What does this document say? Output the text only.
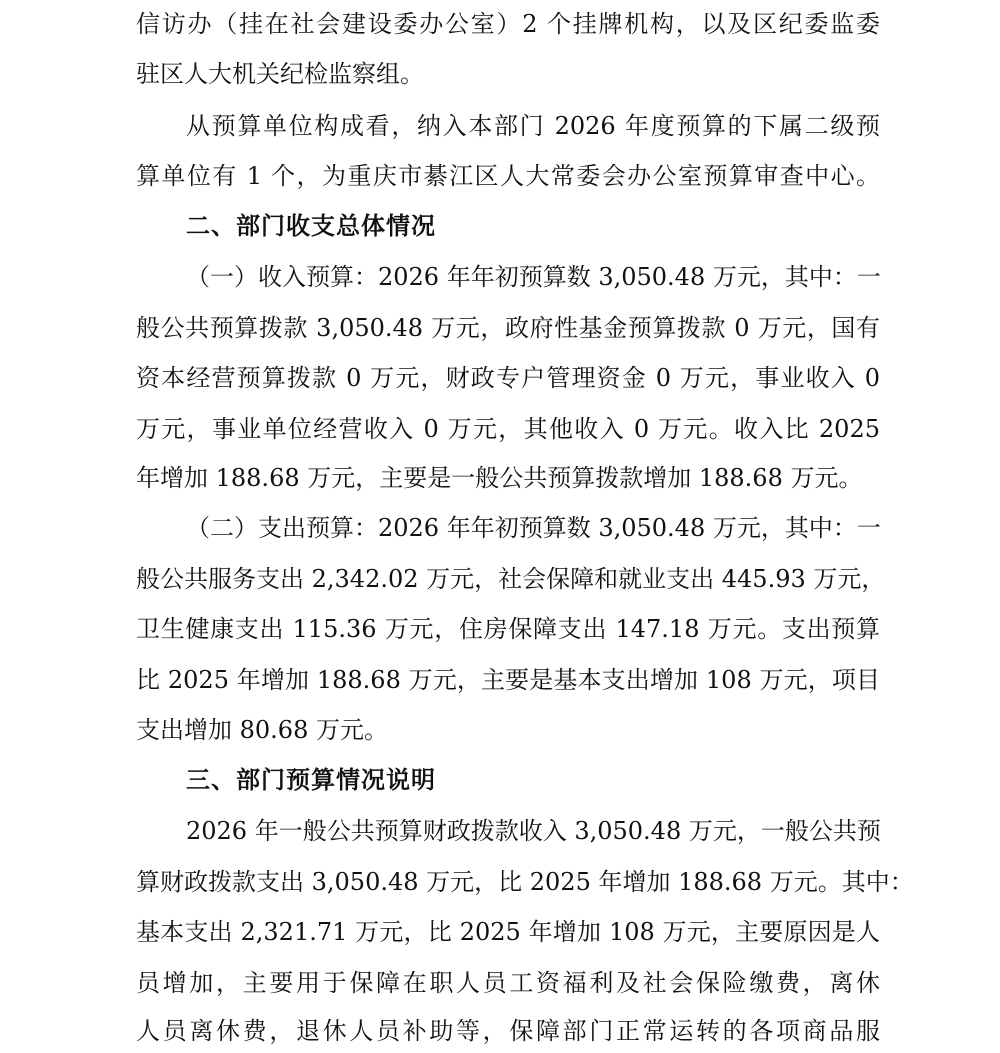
信访办（挂在社会建设委办公室）2 个挂牌机构，以及区纪委监委
驻区人大机关纪检监察组。
从预算单位构成看，纳入本部门 2026 年度预算的下属二级预
算单位有 1 个，为重庆市綦江区人大常委会办公室预算审查中心。
二、部门收支总体情况
（一）收入预算：2026 年年初预算数 3,050.48 万元，其中：一
般公共预算拨款 3,050.48 万元，政府性基金预算拨款 0 万元，国有
资本经营预算拨款 0 万元，财政专户管理资金 0 万元，事业收入 0
万元，事业单位经营收入 0 万元，其他收入 0 万元。收入比 2025
年增加 188.68 万元，主要是一般公共预算拨款增加 188.68 万元。
（二）支出预算：2026 年年初预算数 3,050.48 万元，其中：一
般公共服务支出 2,342.02 万元，社会保障和就业支出 445.93 万元，
卫生健康支出 115.36 万元，住房保障支出 147.18 万元。支出预算
比 2025 年增加 188.68 万元，主要是基本支出增加 108 万元，项目
支出增加 80.68 万元。
三、部门预算情况说明
2026 年一般公共预算财政拨款收入 3,050.48 万元，一般公共预
算财政拨款支出 3,050.48 万元，比 2025 年增加 188.68 万元。其中：
基本支出 2,321.71 万元，比 2025 年增加 108 万元，主要原因是人
员增加，主要用于保障在职人员工资福利及社会保险缴费，离休
人员离休费，退休人员补助等，保障部门正常运转的各项商品服
